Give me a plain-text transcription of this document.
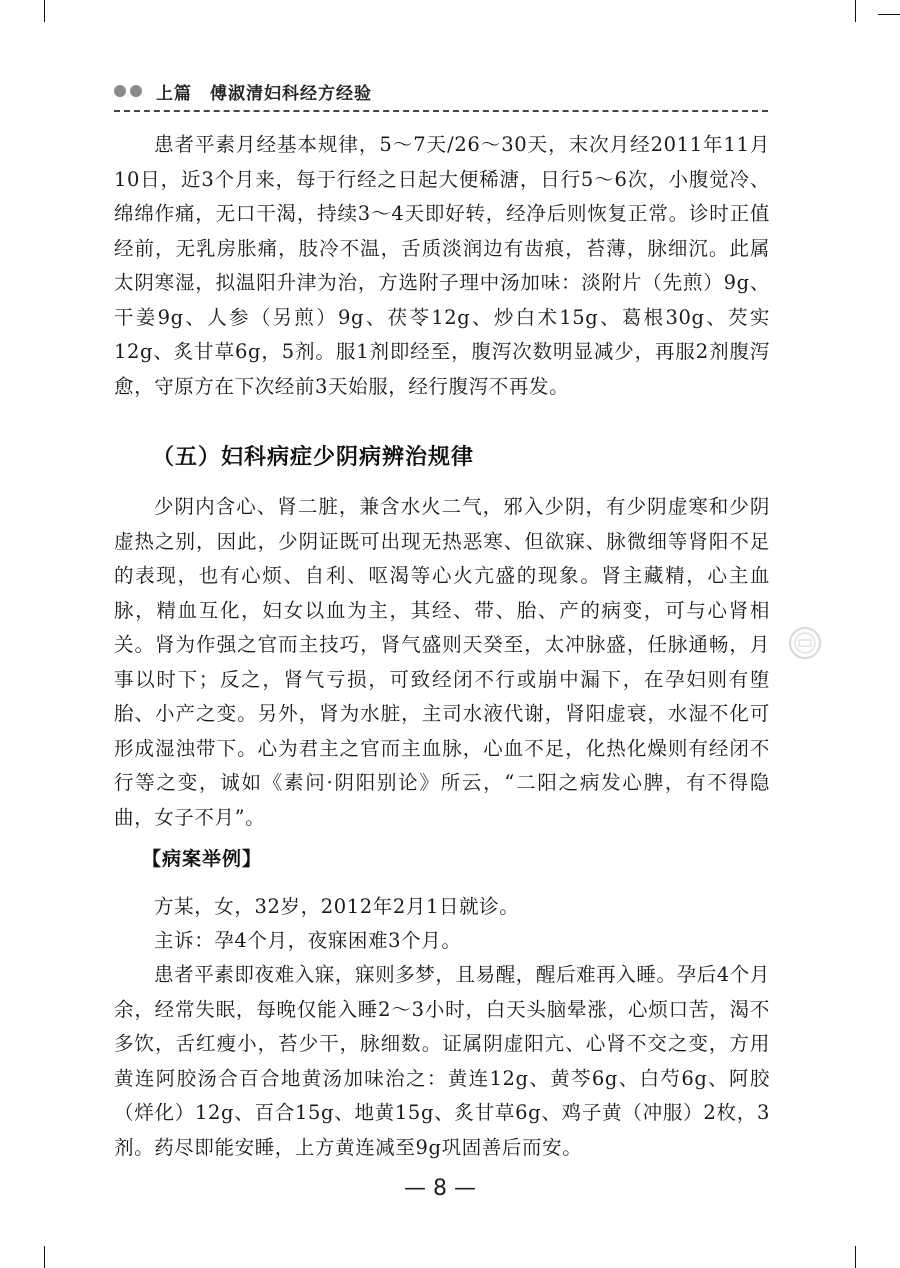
上篇 傅淑清妇科经方经验

患者平素月经基本规律，5～7天/26～30天，末次月经2011年11月10日，近3个月来，每于行经之日起大便稀溏，日行5～6次，小腹觉冷、绵绵作痛，无口干渴，持续3～4天即好转，经净后则恢复正常。诊时正值经前，无乳房胀痛，肢冷不温，舌质淡润边有齿痕，苔薄，脉细沉。此属太阴寒湿，拟温阳升津为治，方选附子理中汤加味：淡附片（先煎）9g、干姜9g、人参（另煎）9g、茯苓12g、炒白术15g、葛根30g、芡实12g、炙甘草6g，5剂。服1剂即经至，腹泻次数明显减少，再服2剂腹泻愈，守原方在下次经前3天始服，经行腹泻不再发。

（五）妇科病症少阴病辨治规律

少阴内含心、肾二脏，兼含水火二气，邪入少阴，有少阴虚寒和少阴虚热之别，因此，少阴证既可出现无热恶寒、但欲寐、脉微细等肾阳不足的表现，也有心烦、自利、呕渴等心火亢盛的现象。肾主藏精，心主血脉，精血互化，妇女以血为主，其经、带、胎、产的病变，可与心肾相关。肾为作强之官而主技巧，肾气盛则天癸至，太冲脉盛，任脉通畅，月事以时下；反之，肾气亏损，可致经闭不行或崩中漏下，在孕妇则有堕胎、小产之变。另外，肾为水脏，主司水液代谢，肾阳虚衰，水湿不化可形成湿浊带下。心为君主之官而主血脉，心血不足，化热化燥则有经闭不行等之变，诚如《素问·阴阳别论》所云，“二阳之病发心脾，有不得隐曲，女子不月”。

【病案举例】

方某，女，32岁，2012年2月1日就诊。

主诉：孕4个月，夜寐困难3个月。

患者平素即夜难入寐，寐则多梦，且易醒，醒后难再入睡。孕后4个月余，经常失眠，每晚仅能入睡2～3小时，白天头脑晕涨，心烦口苦，渴不多饮，舌红瘦小，苔少干，脉细数。证属阴虚阳亢、心肾不交之变，方用黄连阿胶汤合百合地黄汤加味治之：黄连12g、黄芩6g、白芍6g、阿胶（烊化）12g、百合15g、地黄15g、炙甘草6g、鸡子黄（冲服）2枚，3剂。药尽即能安睡，上方黄连减至9g巩固善后而安。

— 8 —
